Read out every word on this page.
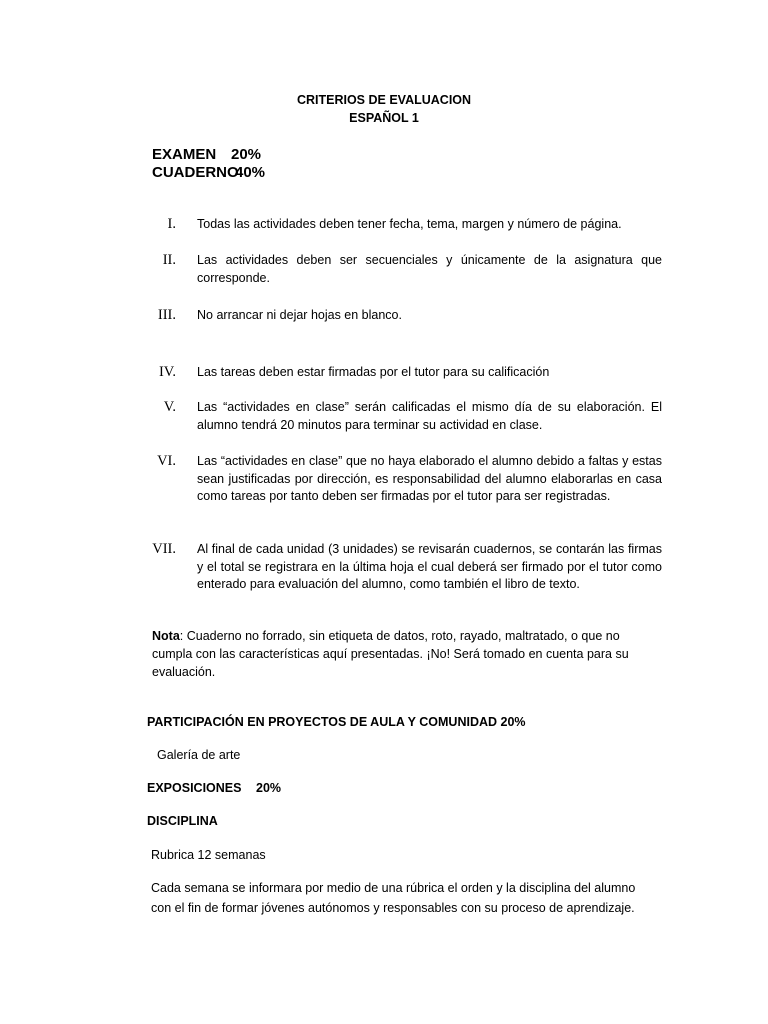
CRITERIOS DE EVALUACION
ESPAÑOL 1
EXAMEN 20%
CUADERNO40%
I. Todas las actividades deben tener fecha, tema, margen y número de página.
II. Las actividades deben ser secuenciales y únicamente de la asignatura que corresponde.
III. No arrancar ni dejar hojas en blanco.
IV. Las tareas deben estar firmadas por el tutor para su calificación
V. Las “actividades en clase” serán calificadas el mismo día de su elaboración. El alumno tendrá 20 minutos para terminar su actividad en clase.
VI. Las “actividades en clase” que no haya elaborado el alumno debido a faltas y estas sean justificadas por dirección, es responsabilidad del alumno elaborarlas en casa como tareas por tanto deben ser firmadas por el tutor para ser registradas.
VII. Al final de cada unidad (3 unidades) se revisarán cuadernos, se contarán las firmas y el total se registrara en la última hoja el cual deberá ser firmado por el tutor como enterado para evaluación del alumno, como también el libro de texto.
Nota: Cuaderno no forrado, sin etiqueta de datos, roto, rayado, maltratado, o que no cumpla con las características aquí presentadas. ¡No! Será tomado en cuenta para su evaluación.
PARTICIPACIÓN EN PROYECTOS DE AULA Y COMUNIDAD 20%
Galería de arte
EXPOSICIONES 20%
DISCIPLINA
Rubrica 12 semanas
Cada semana se informara por medio de una rúbrica el orden y la disciplina del alumno con el fin de formar jóvenes autónomos y responsables con su proceso de aprendizaje.
